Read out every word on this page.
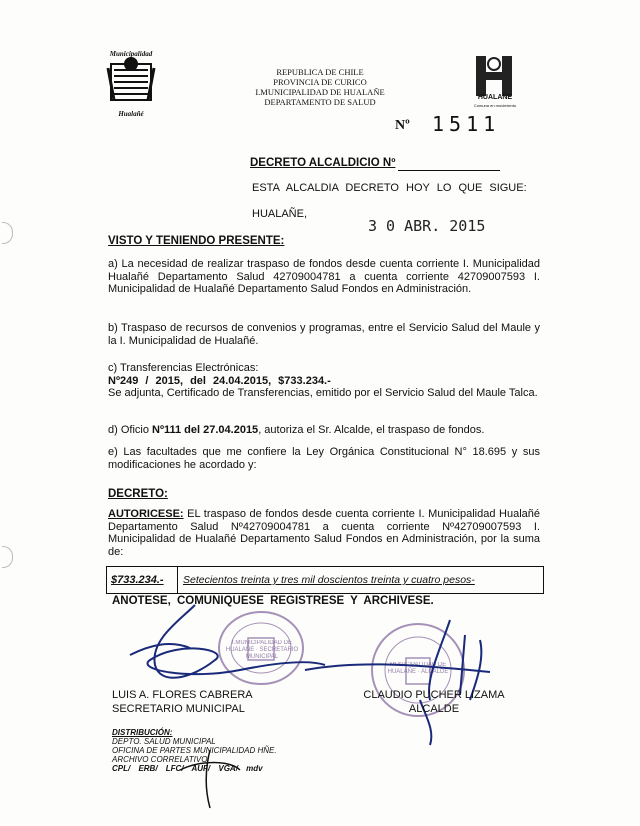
Municipalidad
Hualañé
REPUBLICA DE CHILE
PROVINCIA DE CURICO
I.MUNICIPALIDAD DE HUALAÑE
DEPARTAMENTO DE SALUD	HUALAÑE
Comuna en movimiento
Nº 1511
DECRETO ALCALDICIO Nº
ESTA ALCALDIA DECRETO HOY LO QUE SIGUE:
HUALAÑE,
3 0 ABR. 2015
VISTO Y TENIENDO PRESENTE:
a) La necesidad de realizar traspaso de fondos desde cuenta corriente I. Municipalidad Hualañé Departamento Salud 42709004781 a cuenta corriente 42709007593 I. Municipalidad de Hualañé Departamento Salud Fondos en Administración.
b) Traspaso de recursos de convenios y programas, entre el Servicio Salud del Maule y la I. Municipalidad de Hualañé.
c) Transferencias Electrónicas:
Nº249 / 2015, del 24.04.2015, $733.234.-
Se adjunta, Certificado de Transferencias, emitido por el Servicio Salud del Maule Talca.
d) Oficio Nº111 del 27.04.2015, autoriza el Sr. Alcalde, el traspaso de fondos.
e) Las facultades que me confiere la Ley Orgánica Constitucional N° 18.695 y sus modificaciones he acordado y:
DECRETO:
AUTORICESE: EL traspaso de fondos desde cuenta corriente I. Municipalidad Hualañé Departamento Salud Nº42709004781 a cuenta corriente Nº42709007593 I. Municipalidad de Hualañé Departamento Salud Fondos en Administración, por la suma de:
$733.234.- Setecientos treinta y tres mil doscientos treinta y cuatro pesos-
ANOTESE, COMUNIQUESE REGISTRESE Y ARCHIVESE.
I.MUNICIPALIDAD DE HUALAÑE · SECRETARIO MUNICIPAL
MUNICIPALIDAD DE HUALAÑE · ALCALDE
LUIS A. FLORES CABRERA
SECRETARIO MUNICIPAL
CLAUDIO PUCHER LIZAMA
ALCALDE
DISTRIBUCIÓN:
DEPTO. SALUD MUNICIPAL
OFICINA DE PARTES MUNICIPALIDAD HÑE.
ARCHIVO CORRELATIVO
CPL/ ERB/ LFC/ AUF/ VGA/ mdv
